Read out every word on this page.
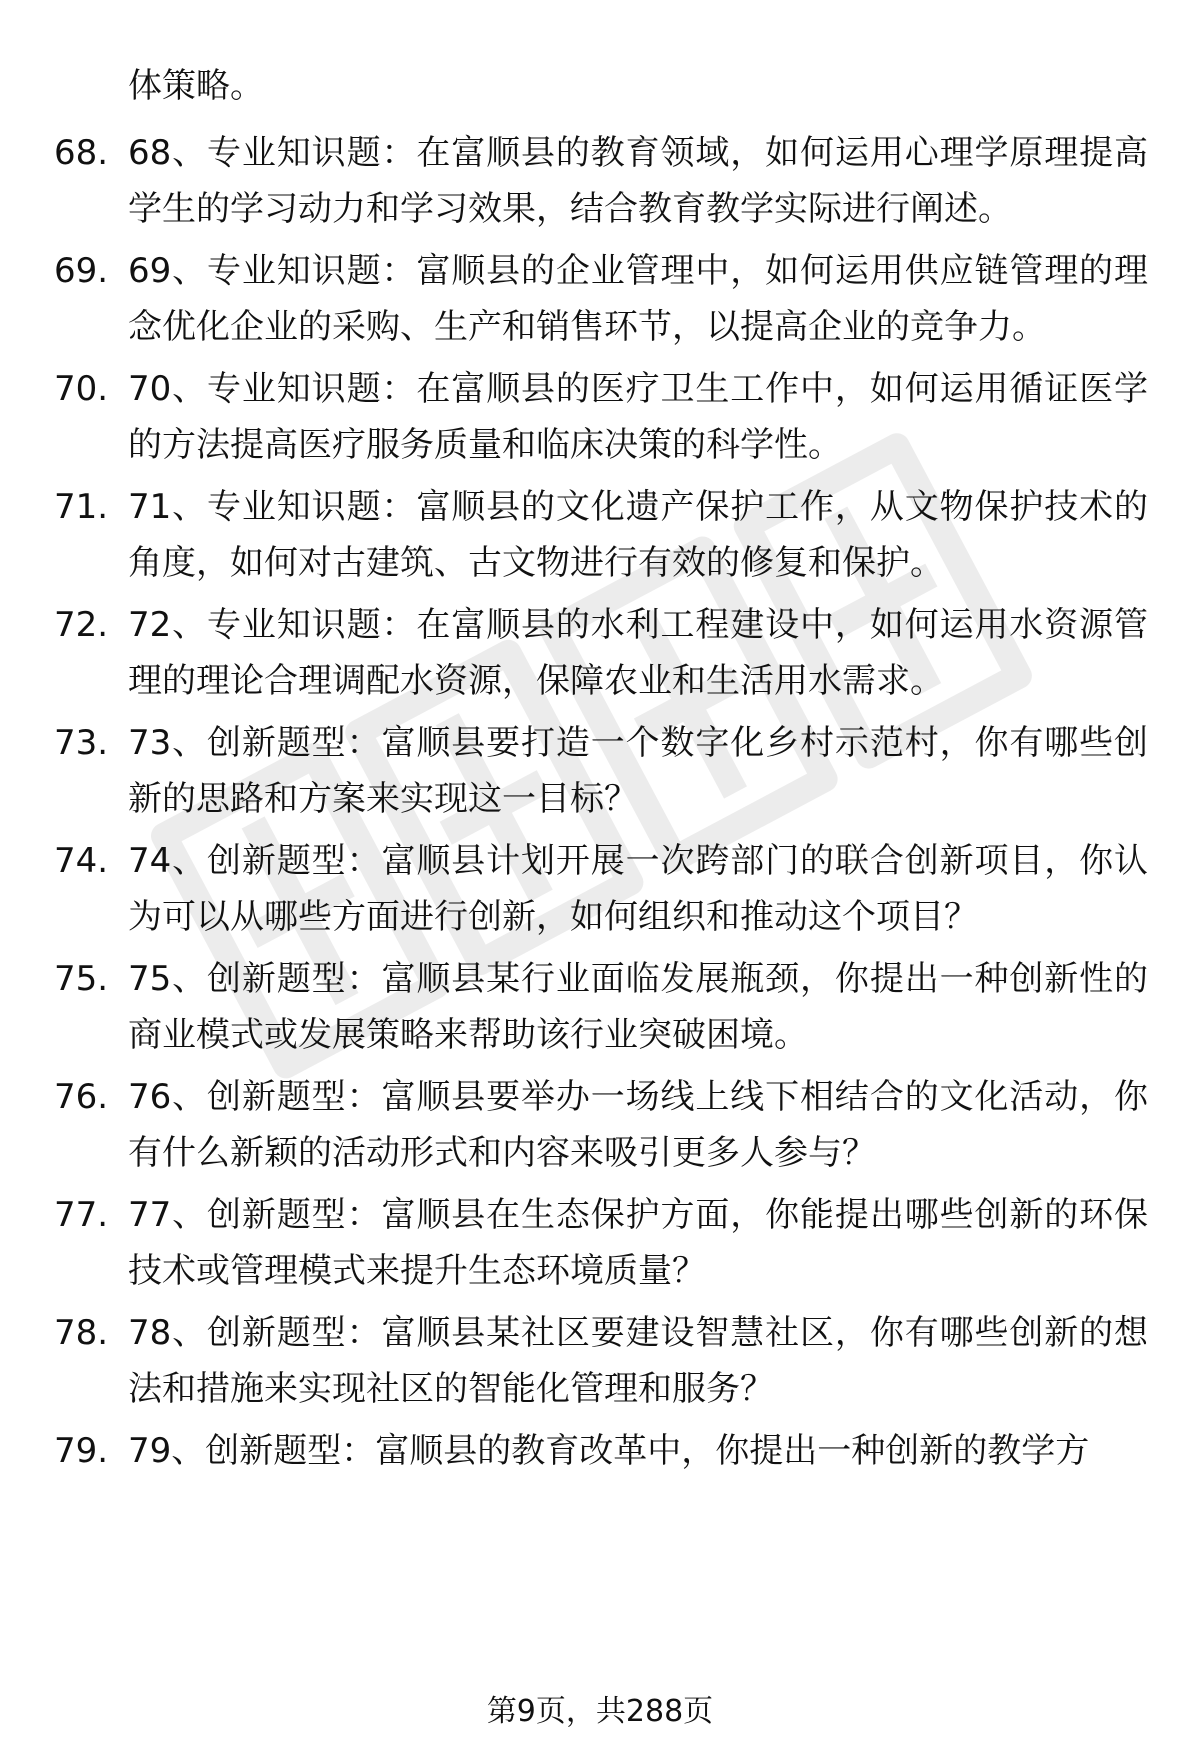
体策略。

68. 68、专业知识题：在富顺县的教育领域，如何运用心理学原理提高学生的学习动力和学习效果，结合教育教学实际进行阐述。

69. 69、专业知识题：富顺县的企业管理中，如何运用供应链管理的理念优化企业的采购、生产和销售环节，以提高企业的竞争力。

70. 70、专业知识题：在富顺县的医疗卫生工作中，如何运用循证医学的方法提高医疗服务质量和临床决策的科学性。

71. 71、专业知识题：富顺县的文化遗产保护工作，从文物保护技术的角度，如何对古建筑、古文物进行有效的修复和保护。

72. 72、专业知识题：在富顺县的水利工程建设中，如何运用水资源管理的理论合理调配水资源，保障农业和生活用水需求。

73. 73、创新题型：富顺县要打造一个数字化乡村示范村，你有哪些创新的思路和方案来实现这一目标？

74. 74、创新题型：富顺县计划开展一次跨部门的联合创新项目，你认为可以从哪些方面进行创新，如何组织和推动这个项目？

75. 75、创新题型：富顺县某行业面临发展瓶颈，你提出一种创新性的商业模式或发展策略来帮助该行业突破困境。

76. 76、创新题型：富顺县要举办一场线上线下相结合的文化活动，你有什么新颖的活动形式和内容来吸引更多人参与？

77. 77、创新题型：富顺县在生态保护方面，你能提出哪些创新的环保技术或管理模式来提升生态环境质量？

78. 78、创新题型：富顺县某社区要建设智慧社区，你有哪些创新的想法和措施来实现社区的智能化管理和服务？

79. 79、创新题型：富顺县的教育改革中，你提出一种创新的教学方

第9页，共288页
